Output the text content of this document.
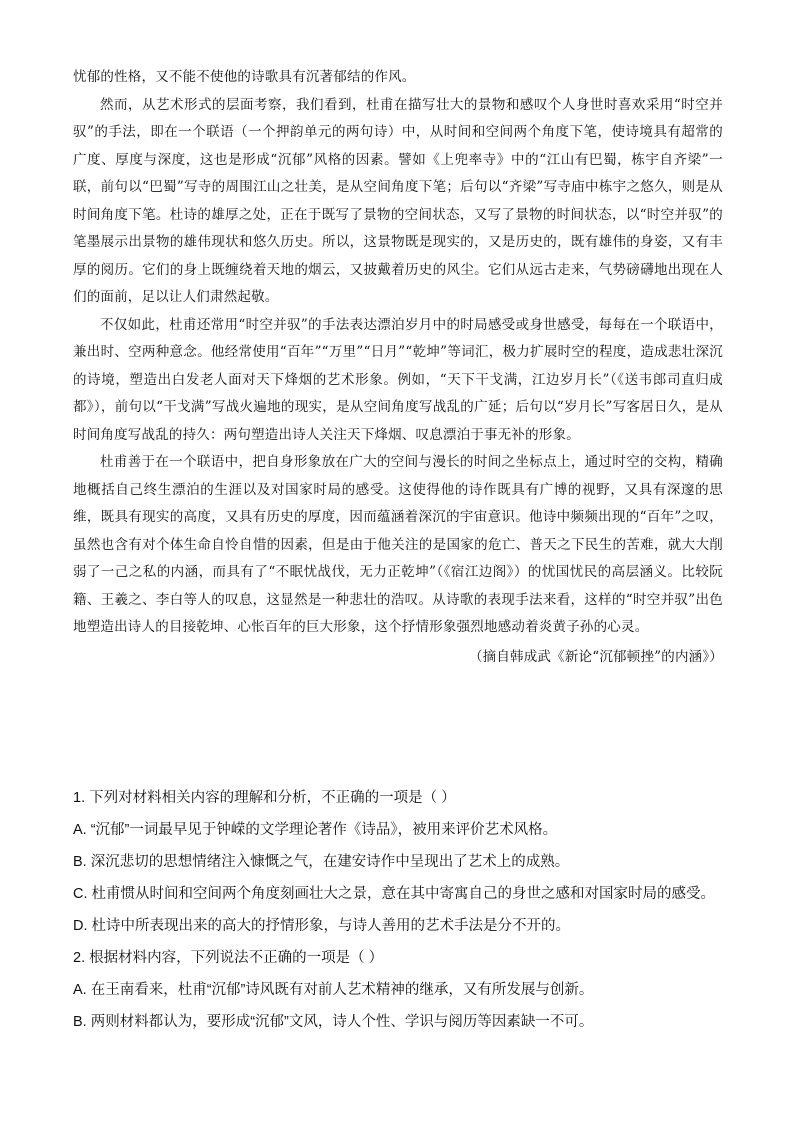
忧郁的性格，又不能不使他的诗歌具有沉著郁结的作风。

然而，从艺术形式的层面考察，我们看到，杜甫在描写壮大的景物和感叹个人身世时喜欢采用“时空并驭”的手法，即在一个联语（一个押韵单元的两句诗）中，从时间和空间两个角度下笔，使诗境具有超常的广度、厚度与深度，这也是形成“沉郁”风格的因素。譬如《上兜率寺》中的“江山有巴蜀，栋宇自齐梁”一联，前句以“巴蜀”写寺的周围江山之壮美，是从空间角度下笔；后句以“齐梁”写寺庙中栋宇之悠久，则是从时间角度下笔。杜诗的雄厚之处，正在于既写了景物的空间状态，又写了景物的时间状态，以“时空并驭”的笔墨展示出景物的雄伟现状和悠久历史。所以，这景物既是现实的，又是历史的，既有雄伟的身姿，又有丰厚的阅历。它们的身上既缠绕着天地的烟云，又披戴着历史的风尘。它们从远古走来，气势磅礴地出现在人们的面前，足以让人们肃然起敬。

不仅如此，杜甫还常用“时空并驭”的手法表达漂泊岁月中的时局感受或身世感受，每每在一个联语中，兼出时、空两种意念。他经常使用“百年”“万里”“日月”“乾坤”等词汇，极力扩展时空的程度，造成悲壮深沉的诗境，塑造出白发老人面对天下烽烟的艺术形象。例如，“天下干戈满，江边岁月长”（《送韦郎司直归成都》），前句以“干戈满”写战火遍地的现实，是从空间角度写战乱的广延；后句以“岁月长”写客居日久，是从时间角度写战乱的持久：两句塑造出诗人关注天下烽烟、叹息漂泊于事无补的形象。

杜甫善于在一个联语中，把自身形象放在广大的空间与漫长的时间之坐标点上，通过时空的交构，精确地概括自己终生漂泊的生涯以及对国家时局的感受。这使得他的诗作既具有广博的视野，又具有深邃的思维，既具有现实的高度，又具有历史的厚度，因而蕴涵着深沉的宇宙意识。他诗中频频出现的“百年”之叹，虽然也含有对个体生命自怜自惜的因素，但是由于他关注的是国家的危亡、普天之下民生的苦难，就大大削弱了一己之私的内涵，而具有了“不眠忧战伐，无力正乾坤”（《宿江边阁》）的忧国忧民的高层涵义。比较阮籍、王羲之、李白等人的叹息，这显然是一种悲壮的浩叹。从诗歌的表现手法来看，这样的“时空并驭”出色地塑造出诗人的目接乾坤、心怅百年的巨大形象，这个抒情形象强烈地感动着炎黄子孙的心灵。

（摘自韩成武《新论“沉郁顿挫”的内涵》）

1. 下列对材料相关内容的理解和分析，不正确的一项是（ ）
A. “沉郁”一词最早见于钟嵘的文学理论著作《诗品》，被用来评价艺术风格。
B. 深沉悲切的思想情绪注入慷慨之气，在建安诗作中呈现出了艺术上的成熟。
C. 杜甫惯从时间和空间两个角度刻画壮大之景，意在其中寄寓自己的身世之感和对国家时局的感受。
D. 杜诗中所表现出来的高大的抒情形象，与诗人善用的艺术手法是分不开的。
2. 根据材料内容，下列说法不正确的一项是（ ）
A. 在王南看来，杜甫“沉郁”诗风既有对前人艺术精神的继承，又有所发展与创新。
B. 两则材料都认为，要形成“沉郁”文风，诗人个性、学识与阅历等因素缺一不可。
